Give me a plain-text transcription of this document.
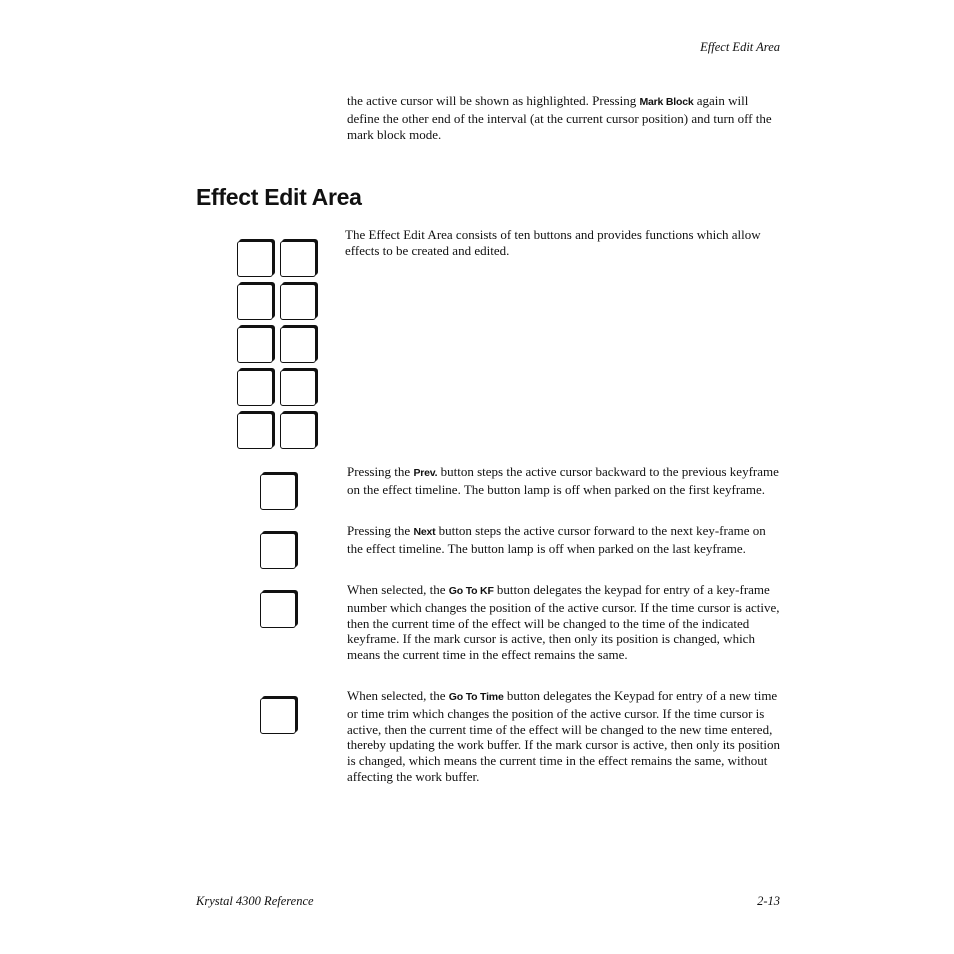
Effect Edit Area
the active cursor will be shown as highlighted. Pressing Mark Block again will define the other end of the interval (at the current cursor position) and turn off the mark block mode.
Effect Edit Area
The Effect Edit Area consists of ten buttons and provides functions which allow effects to be created and edited.
Pressing the Prev. button steps the active cursor backward to the previous keyframe on the effect timeline. The button lamp is off when parked on the first keyframe.
Pressing the Next button steps the active cursor forward to the next key-frame on the effect timeline. The button lamp is off when parked on the last keyframe.
When selected, the Go To KF button delegates the keypad for entry of a key-frame number which changes the position of the active cursor. If the time cursor is active, then the current time of the effect will be changed to the time of the indicated keyframe. If the mark cursor is active, then only its position is changed, which means the current time in the effect remains the same.
When selected, the Go To Time button delegates the Keypad for entry of a new time or time trim which changes the position of the active cursor. If the time cursor is active, then the current time of the effect will be changed to the new time entered, thereby updating the work buffer. If the mark cursor is active, then only its position is changed, which means the current time in the effect remains the same, without affecting the work buffer.
Krystal 4300 Reference	2-13
